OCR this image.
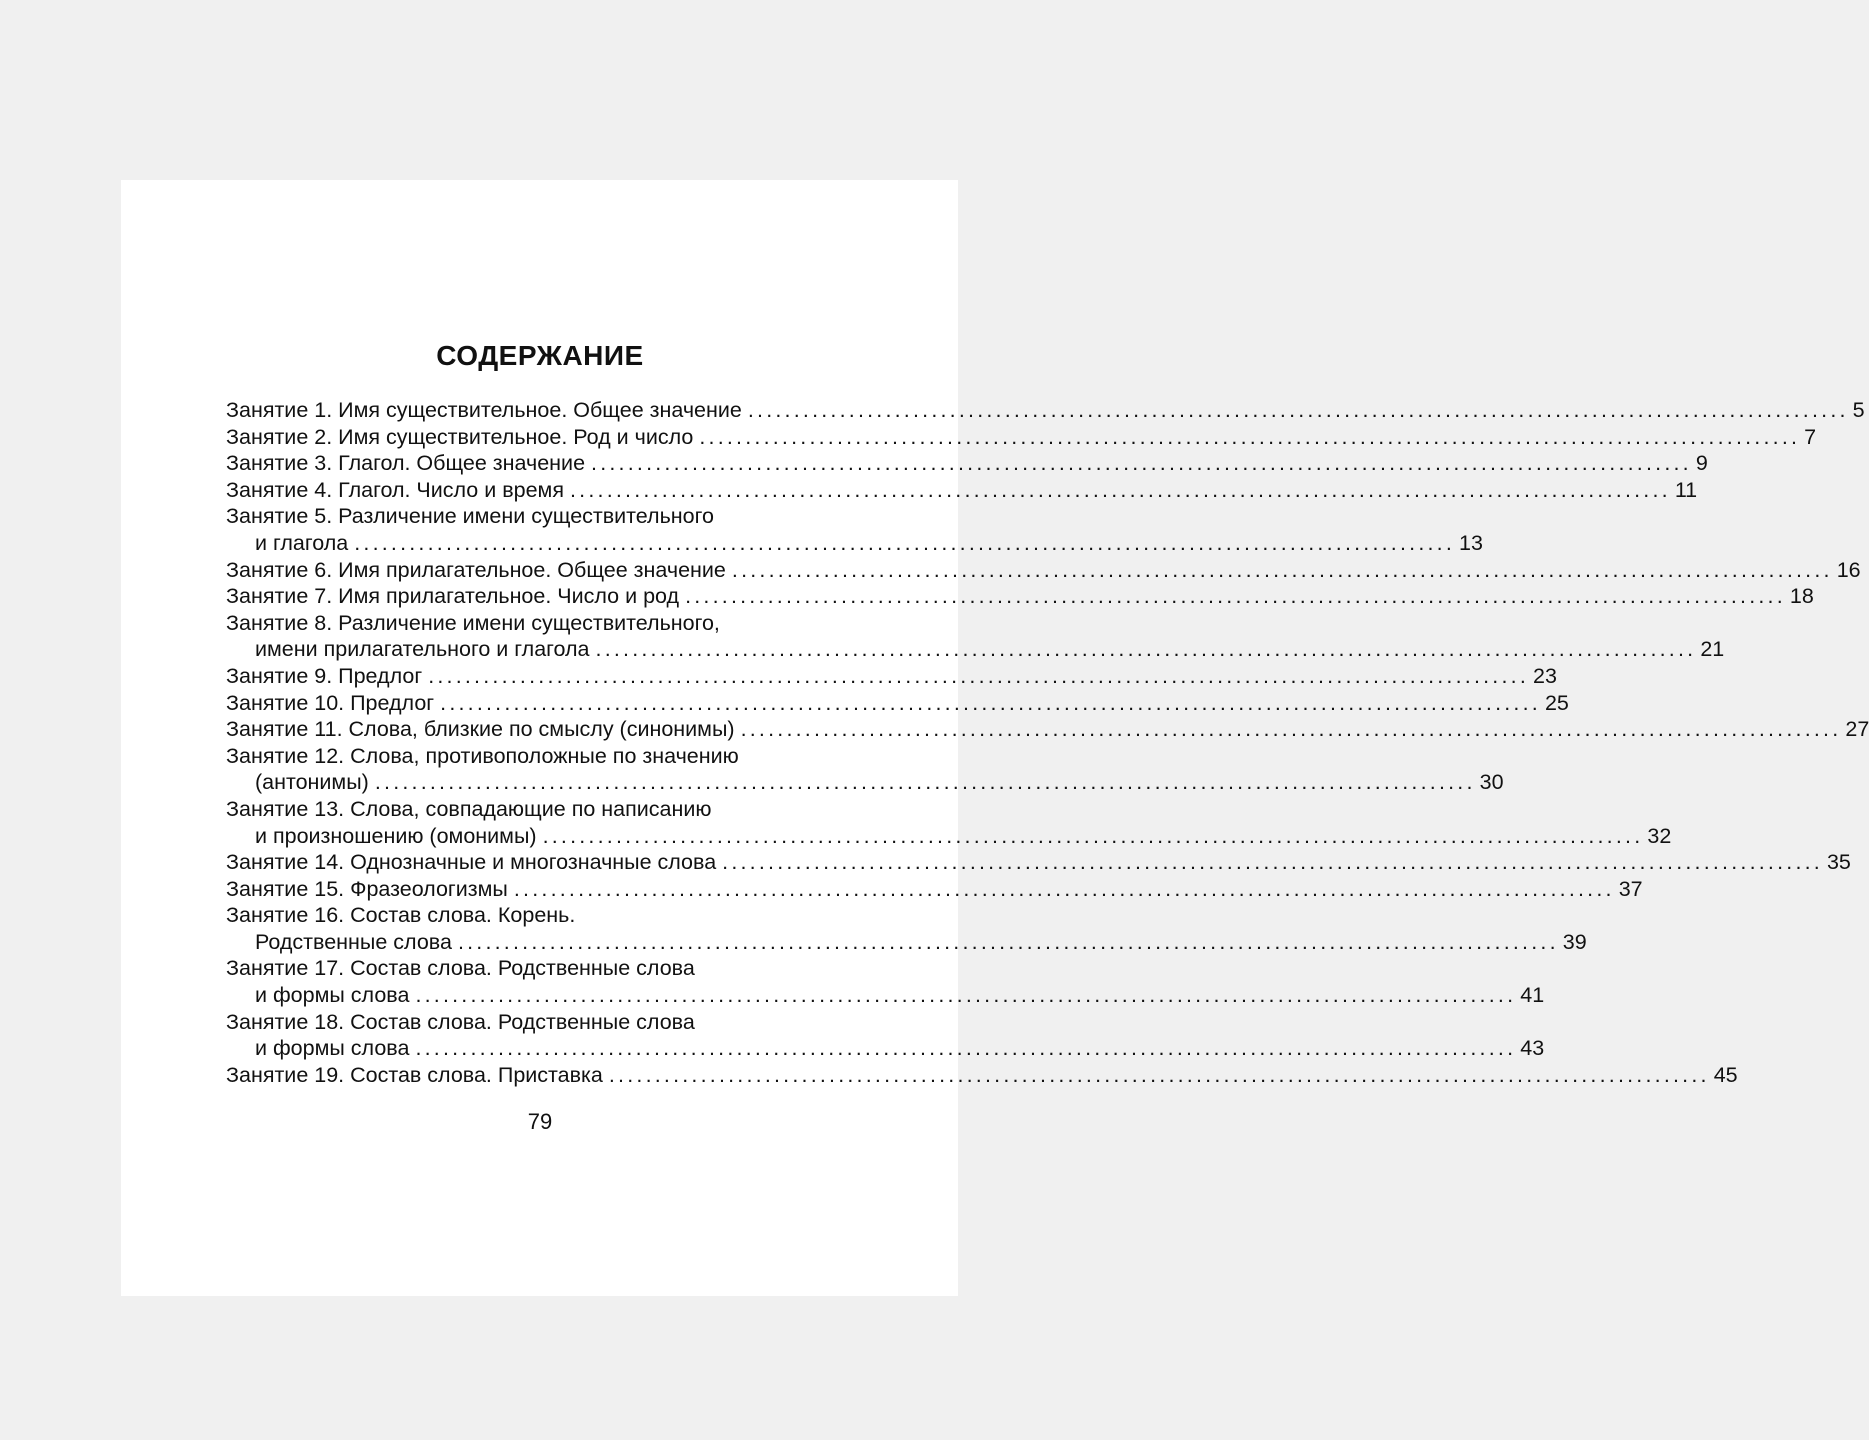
СОДЕРЖАНИЕ
Занятие 1. Имя существительное. Общее значение ........................................................................................................................ 5
Занятие 2. Имя существительное. Род и число ........................................................................................................................ 7
Занятие 3. Глагол. Общее значение ........................................................................................................................ 9
Занятие 4. Глагол. Число и время ........................................................................................................................ 11
Занятие 5. Различение имени существительного
и глагола ........................................................................................................................ 13
Занятие 6. Имя прилагательное. Общее значение ........................................................................................................................ 16
Занятие 7. Имя прилагательное. Число и род ........................................................................................................................ 18
Занятие 8. Различение имени существительного,
имени прилагательного и глагола ........................................................................................................................ 21
Занятие 9. Предлог ........................................................................................................................ 23
Занятие 10. Предлог ........................................................................................................................ 25
Занятие 11. Слова, близкие по смыслу (синонимы) ........................................................................................................................ 27
Занятие 12. Слова, противоположные по значению
(антонимы) ........................................................................................................................ 30
Занятие 13. Слова, совпадающие по написанию
и произношению (омонимы) ........................................................................................................................ 32
Занятие 14. Однозначные и многозначные слова ........................................................................................................................ 35
Занятие 15. Фразеологизмы ........................................................................................................................ 37
Занятие 16. Состав слова. Корень.
Родственные слова ........................................................................................................................ 39
Занятие 17. Состав слова. Родственные слова
и формы слова ........................................................................................................................ 41
Занятие 18. Состав слова. Родственные слова
и формы слова ........................................................................................................................ 43
Занятие 19. Состав слова. Приставка ........................................................................................................................ 45
79
